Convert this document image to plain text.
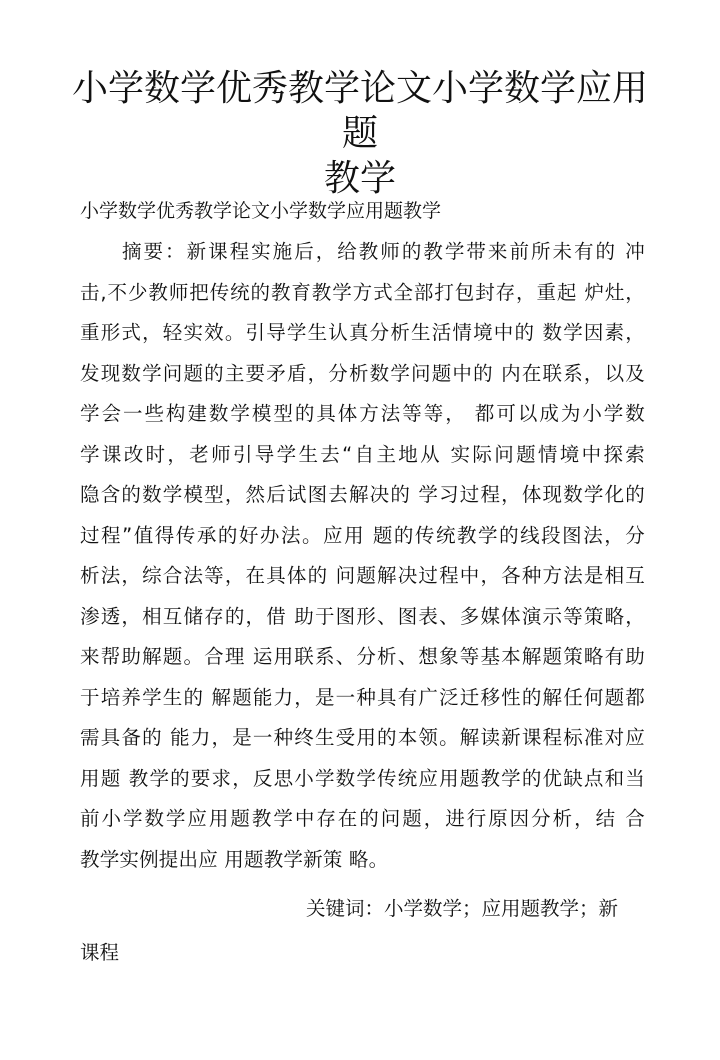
小学数学优秀教学论文小学数学应用题
教学

小学数学优秀教学论文小学数学应用题教学

摘要：新课程实施后，给教师的教学带来前所未有的 冲
击,不少教师把传统的教育教学方式全部打包封存，重起 炉灶，
重形式，轻实效。引导学生认真分析生活情境中的 数学因素，
发现数学问题的主要矛盾，分析数学问题中的 内在联系，以及
学会一些构建数学模型的具体方法等等， 都可以成为小学数
学课改时，老师引导学生去“自主地从 实际问题情境中探索
隐含的数学模型，然后试图去解决的 学习过程，体现数学化的
过程”值得传承的好办法。应用 题的传统教学的线段图法，分
析法，综合法等，在具体的 问题解决过程中，各种方法是相互
渗透，相互储存的，借 助于图形、图表、多媒体演示等策略，
来帮助解题。合理 运用联系、分析、想象等基本解题策略有助
于培养学生的 解题能力，是一种具有广泛迁移性的解任何题都
需具备的 能力，是一种终生受用的本领。解读新课程标准对应
用题 教学的要求，反思小学数学传统应用题教学的优缺点和当
前小学数学应用题教学中存在的问题，进行原因分析，结 合
教学实例提出应 用题教学新策 略。

关键词：小学数学；应用题教学；新

课程
